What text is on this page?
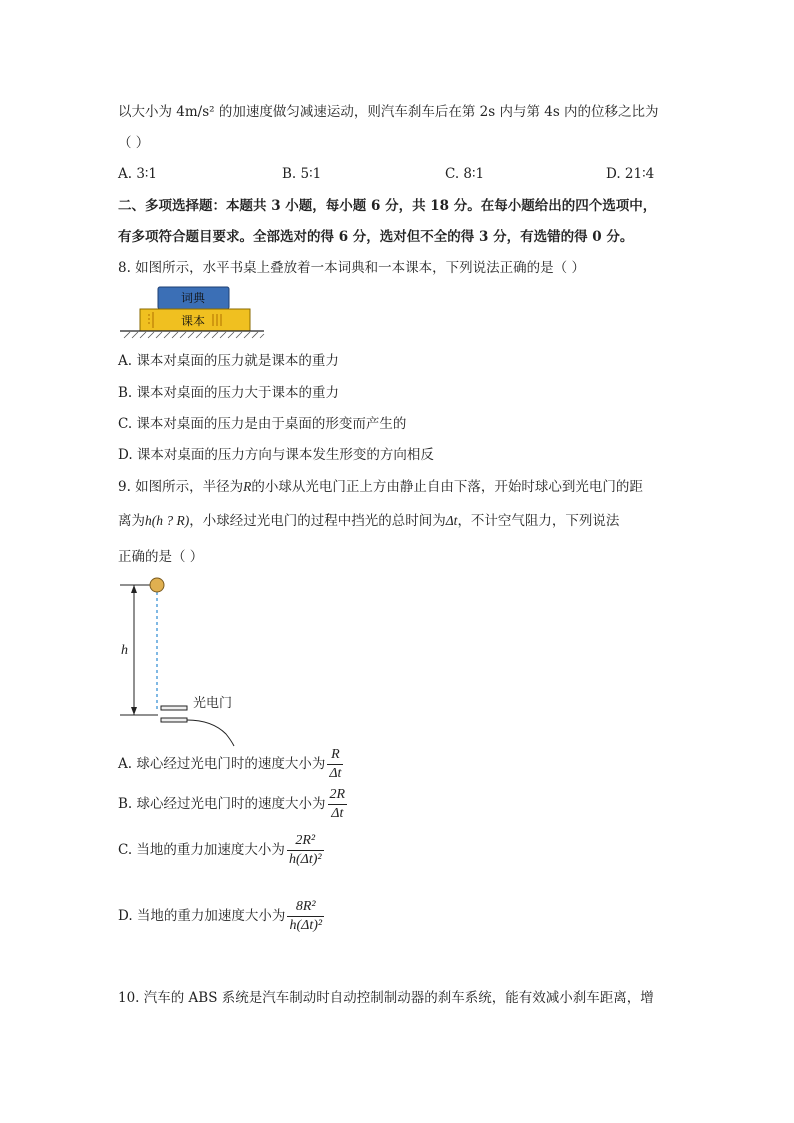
以大小为 4m/s² 的加速度做匀减速运动，则汽车刹车后在第 2s 内与第 4s 内的位移之比为
（ ）
A. 3∶1	B. 5∶1	C. 8∶1	D. 21∶4
二、多项选择题：本题共 3 小题，每小题 6 分，共 18 分。在每小题给出的四个选项中，
有多项符合题目要求。全部选对的得 6 分，选对但不全的得 3 分，有选错的得 0 分。
8. 如图所示，水平书桌上叠放着一本词典和一本课本，下列说法正确的是（ ）
词典
课本
A. 课本对桌面的压力就是课本的重力
B. 课本对桌面的压力大于课本的重力
C. 课本对桌面的压力是由于桌面的形变而产生的
D. 课本对桌面的压力方向与课本发生形变的方向相反
9. 如图所示，半径为R的小球从光电门正上方由静止自由下落，开始时球心到光电门的距
离为h(h ? R)，小球经过光电门的过程中挡光的总时间为Δt，不计空气阻力，下列说法
正确的是（ ）
h
光电门
A. 球心经过光电门时的速度大小为 $\frac{R}{\Delta t}$
B. 球心经过光电门时的速度大小为 $\frac{2R}{\Delta t}$
C. 当地的重力加速度大小为 $\frac{\text{2R²}}{\text{h(Δt)²}}$
D. 当地的重力加速度大小为 $\frac{\text{8R²}}{\text{h(Δt)²}}$
10. 汽车的 ABS 系统是汽车制动时自动控制制动器的刹车系统，能有效减小刹车距离，增
